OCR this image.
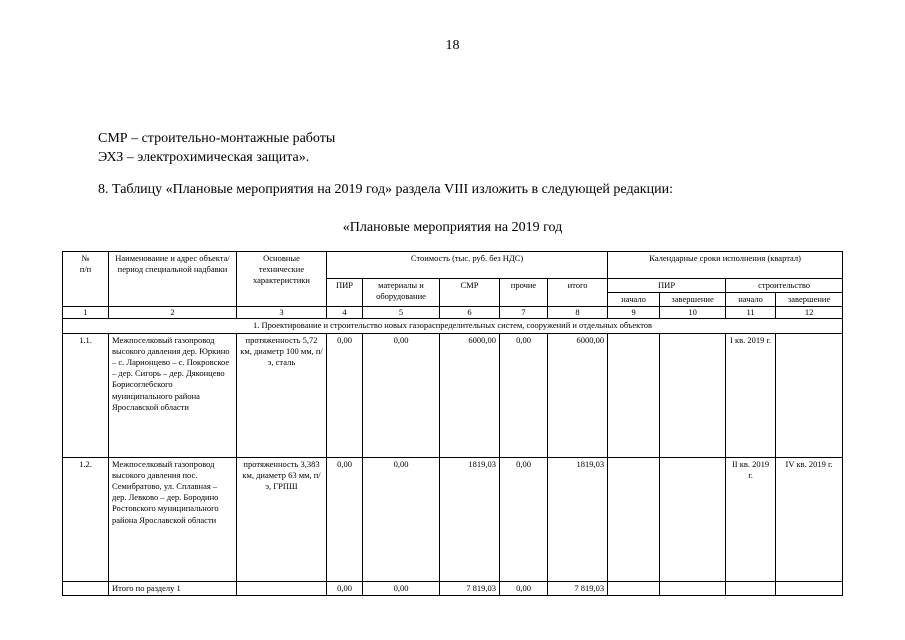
18
СМР – строительно-монтажные работы
ЭХЗ – электрохимическая защита».
8. Таблицу «Плановые мероприятия на 2019 год» раздела VIII изложить в следующей редакции:
«Плановые мероприятия на 2019 год
№
п/п	Наименование и адрес объекта/ период специальной надбавки	Основные технические характеристики	Стоимость (тыс. руб. без НДС)					Календарные сроки исполнения (квартал)			
			ПИР	материалы и оборудование	СМР	прочие	итого	ПИР		строительство	
								начало	завершение	начало	завершение
1	2	3	4	5	6	7	8	9	10	11	12
1. Проектирование и строительство новых газораспределительных систем, сооружений и отдельных объектов											
1.1.	Межпоселковый газопровод высокого давления дер. Юркино – с. Ларионцево – с. Покровское – дер. Сигорь – дер. Дяконцево Борисоглебского муниципального района Ярославской области	протяженность 5,72 км, диаметр 100 мм, п/э, сталь	0,00	0,00	6000,00	0,00	6000,00			I кв. 2019 г.	
1.2.	Межпоселковый газопровод высокого давления пос. Семибратово, ул. Сплавная – дер. Левково – дер. Бородино Ростовского муниципального района Ярославской области	протяженность 3,383 км, диаметр 63 мм, п/э, ГРПШ	0,00	0,00	1819,03	0,00	1819,03			II кв. 2019 г.	IV кв. 2019 г.
	Итого по разделу 1		0,00	0,00	7 819,03	0,00	7 819,03				
